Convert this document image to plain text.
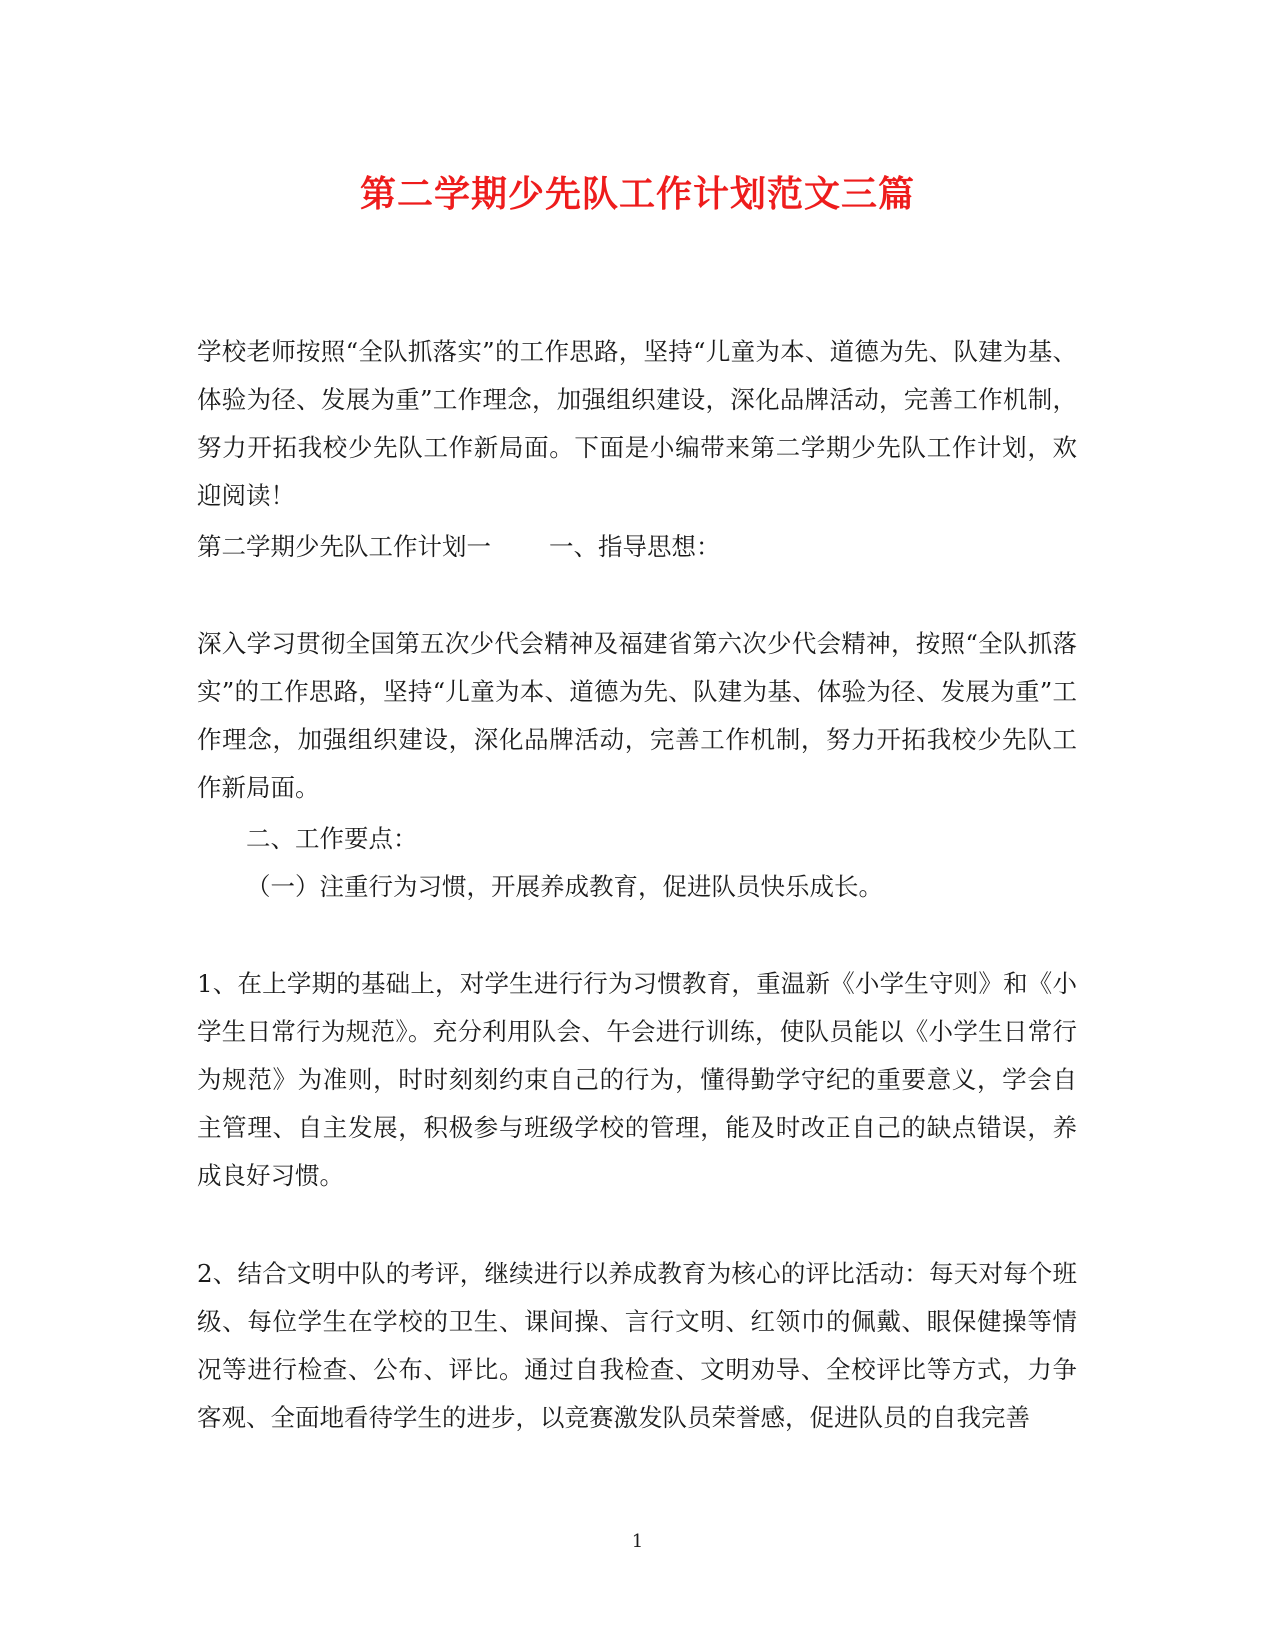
第二学期少先队工作计划范文三篇

学校老师按照“全队抓落实”的工作思路，坚持“儿童为本、道德为先、队建为基、体验为径、发展为重”工作理念，加强组织建设，深化品牌活动，完善工作机制，努力开拓我校少先队工作新局面。下面是小编带来第二学期少先队工作计划，欢迎阅读！

第二学期少先队工作计划一 一、指导思想：

深入学习贯彻全国第五次少代会精神及福建省第六次少代会精神，按照“全队抓落实”的工作思路，坚持“儿童为本、道德为先、队建为基、体验为径、发展为重”工作理念，加强组织建设，深化品牌活动，完善工作机制，努力开拓我校少先队工作新局面。

二、工作要点：

（一）注重行为习惯，开展养成教育，促进队员快乐成长。

1、在上学期的基础上，对学生进行行为习惯教育，重温新《小学生守则》和《小学生日常行为规范》。充分利用队会、午会进行训练，使队员能以《小学生日常行为规范》为准则，时时刻刻约束自己的行为，懂得勤学守纪的重要意义，学会自主管理、自主发展，积极参与班级学校的管理，能及时改正自己的缺点错误，养成良好习惯。

2、结合文明中队的考评，继续进行以养成教育为核心的评比活动：每天对每个班级、每位学生在学校的卫生、课间操、言行文明、红领巾的佩戴、眼保健操等情况等进行检查、公布、评比。通过自我检查、文明劝导、全校评比等方式，力争客观、全面地看待学生的进步，以竞赛激发队员荣誉感，促进队员的自我完善

1
